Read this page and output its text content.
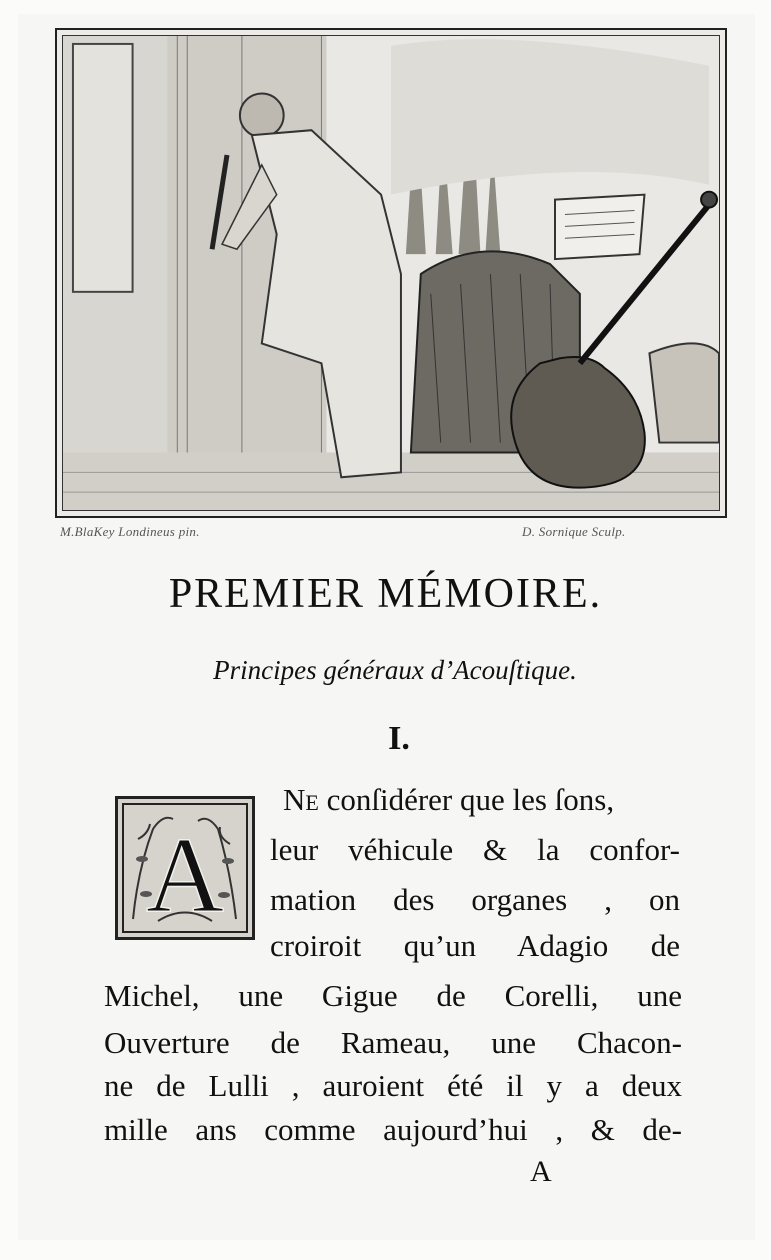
M.BlaKey Londineus pin.	D. Sornique Sculp.
PREMIER MÉMOIRE.
Principes généraux d’Acouſtique.
I.
A
Ne conſidérer que les ſons,
leur véhicule & la confor-
mation des organes , on
croiroit qu’un Adagio de
Michel, une Gigue de Corelli, une
Ouverture de Rameau, une Chacon-
ne de Lulli , auroient été il y a deux
mille ans comme aujourd’hui , & de-
A
